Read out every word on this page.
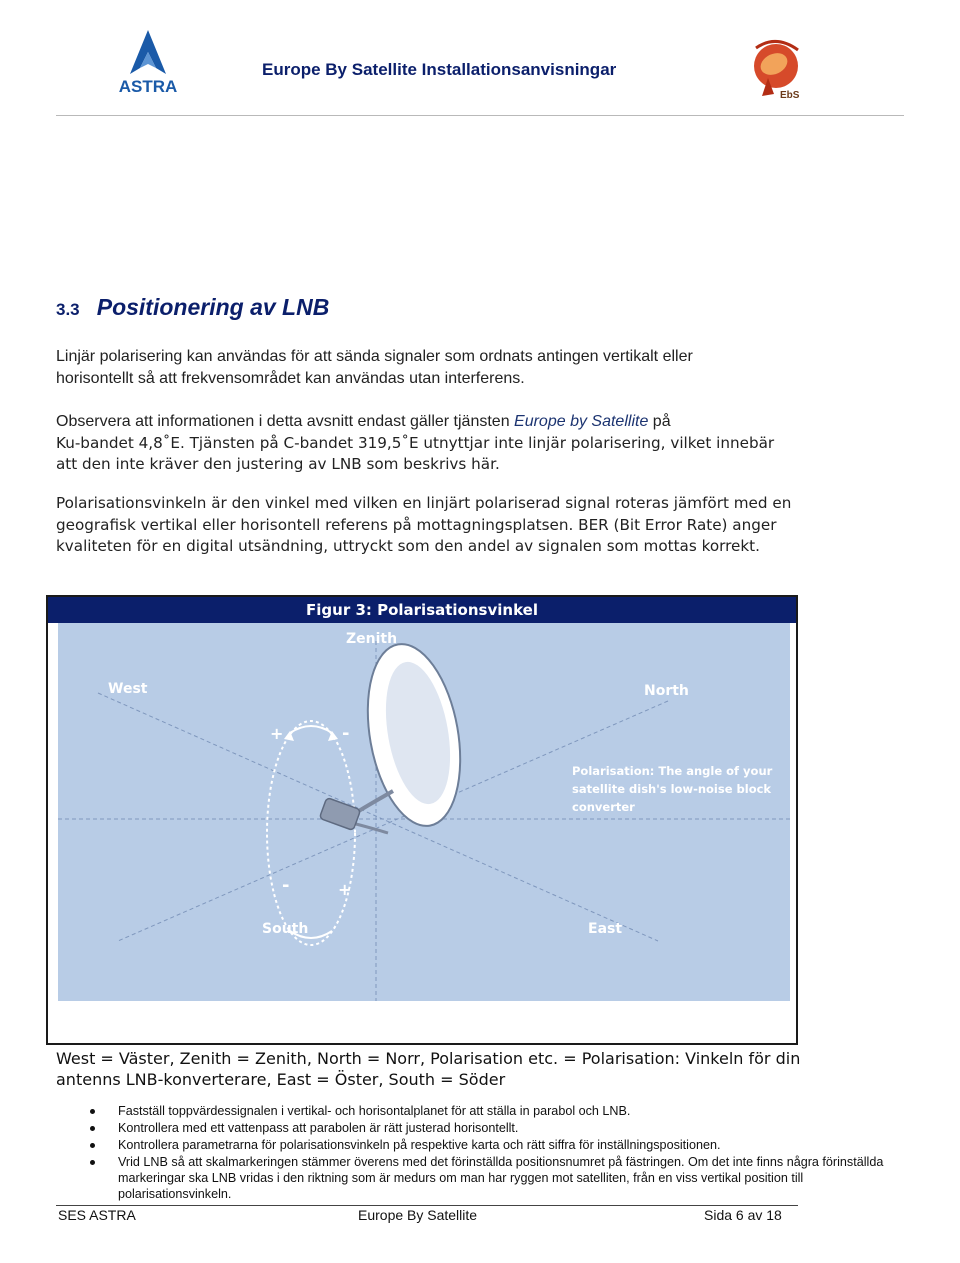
ASTRA
Europe By Satellite Installationsanvisningar
EbS
3.3 Positionering av LNB
Linjär polarisering kan användas för att sända signaler som ordnats antingen vertikalt eller
horisontellt så att frekvensområdet kan användas utan interferens.
Observera att informationen i detta avsnitt endast gäller tjänsten Europe by Satellite på
Ku-bandet 4,8˚E. Tjänsten på C-bandet 319,5˚E utnyttjar inte linjär polarisering, vilket innebär
att den inte kräver den justering av LNB som beskrivs här.
Polarisationsvinkeln är den vinkel med vilken en linjärt polariserad signal roteras jämfört med en
geografisk vertikal eller horisontell referens på mottagningsplatsen. BER (Bit Error Rate) anger
kvaliteten för en digital utsändning, uttryckt som den andel av signalen som mottas korrekt.
Figur 3: Polarisationsvinkel
Zenith
West	North
South	East
+	-
-	+
Polarisation: The angle of your
satellite dish's low-noise block
converter
West = Väster, Zenith = Zenith, North = Norr, Polarisation etc. = Polarisation: Vinkeln för din
antenns LNB-konverterare, East = Öster, South = Söder
Fastställ toppvärdessignalen i vertikal- och horisontalplanet för att ställa in parabol och LNB.
Kontrollera med ett vattenpass att parabolen är rätt justerad horisontellt.
Kontrollera parametrarna för polarisationsvinkeln på respektive karta och rätt siffra för inställningspositionen.
Vrid LNB så att skalmarkeringen stämmer överens med det förinställda positionsnumret på fästringen. Om det inte finns några förinställda markeringar ska LNB vridas i den riktning som är medurs om man har ryggen mot satelliten, från en viss vertikal position till polarisationsvinkeln.
SES ASTRA	Europe By Satellite	Sida 6 av 18
